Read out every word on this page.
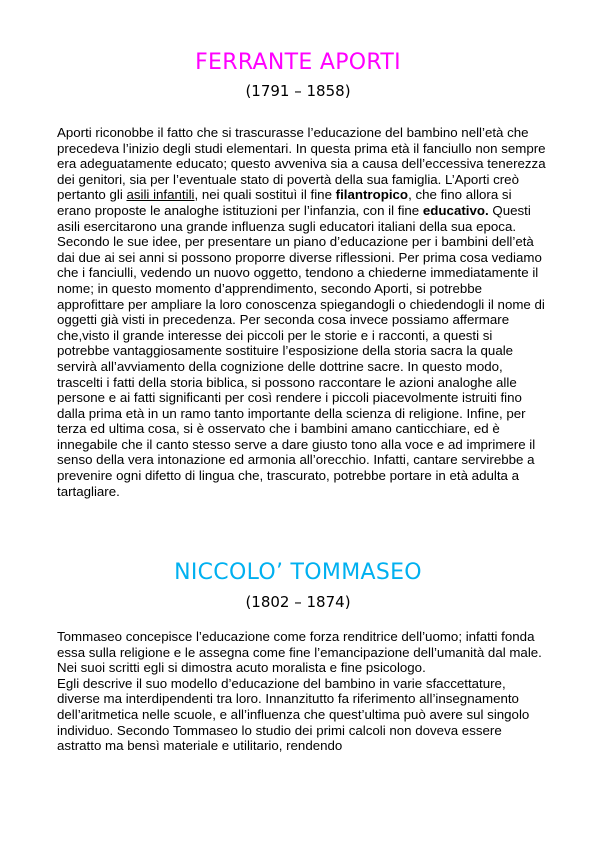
FERRANTE APORTI
(1791 – 1858)

Aporti riconobbe il fatto che si trascurasse l’educazione del bambino nell’età che precedeva l’inizio degli studi elementari. In questa prima età il fanciullo non sempre era adeguatamente educato; questo avveniva sia a causa dell’eccessiva tenerezza dei genitori, sia per l’eventuale stato di povertà della sua famiglia. L’Aporti creò pertanto gli asili infantili, nei quali sostituì il fine filantropico, che fino allora si erano proposte le analoghe istituzioni per l’infanzia, con il fine educativo. Questi asili esercitarono una grande influenza sugli educatori italiani della sua epoca.

Secondo le sue idee, per presentare un piano d’educazione per i bambini dell’età dai due ai sei anni si possono proporre diverse riflessioni. Per prima cosa vediamo che i fanciulli, vedendo un nuovo oggetto, tendono a chiederne immediatamente il nome; in questo momento d’apprendimento, secondo Aporti, si potrebbe approfittare per ampliare la loro conoscenza spiegandogli o chiedendogli il nome di oggetti già visti in precedenza. Per seconda cosa invece possiamo affermare che,visto il grande interesse dei piccoli per le storie e i racconti, a questi si potrebbe vantaggiosamente sostituire l’esposizione della storia sacra la quale servirà all’avviamento della cognizione delle dottrine sacre. In questo modo, trascelti i fatti della storia biblica, si possono raccontare le azioni analoghe alle persone e ai fatti significanti per così rendere i piccoli piacevolmente istruiti fino dalla prima età in un ramo tanto importante della scienza di religione. Infine, per terza ed ultima cosa, si è osservato che i bambini amano canticchiare, ed è innegabile che il canto stesso serve a dare giusto tono alla voce e ad imprimere il senso della vera intonazione ed armonia all’orecchio. Infatti, cantare servirebbe a prevenire ogni difetto di lingua che, trascurato, potrebbe portare in età adulta a tartagliare.

NICCOLO’ TOMMASEO
(1802 – 1874)

Tommaseo concepisce l’educazione come forza renditrice dell’uomo; infatti fonda essa sulla religione e le assegna come fine l’emancipazione dell’umanità dal male. Nei suoi scritti egli si dimostra acuto moralista e fine psicologo.

Egli descrive il suo modello d’educazione del bambino in varie sfaccettature, diverse ma interdipendenti tra loro. Innanzitutto fa riferimento all’insegnamento dell’aritmetica nelle scuole, e all’influenza che quest’ultima può avere sul singolo individuo. Secondo Tommaseo lo studio dei primi calcoli non doveva essere astratto ma bensì materiale e utilitario, rendendo
